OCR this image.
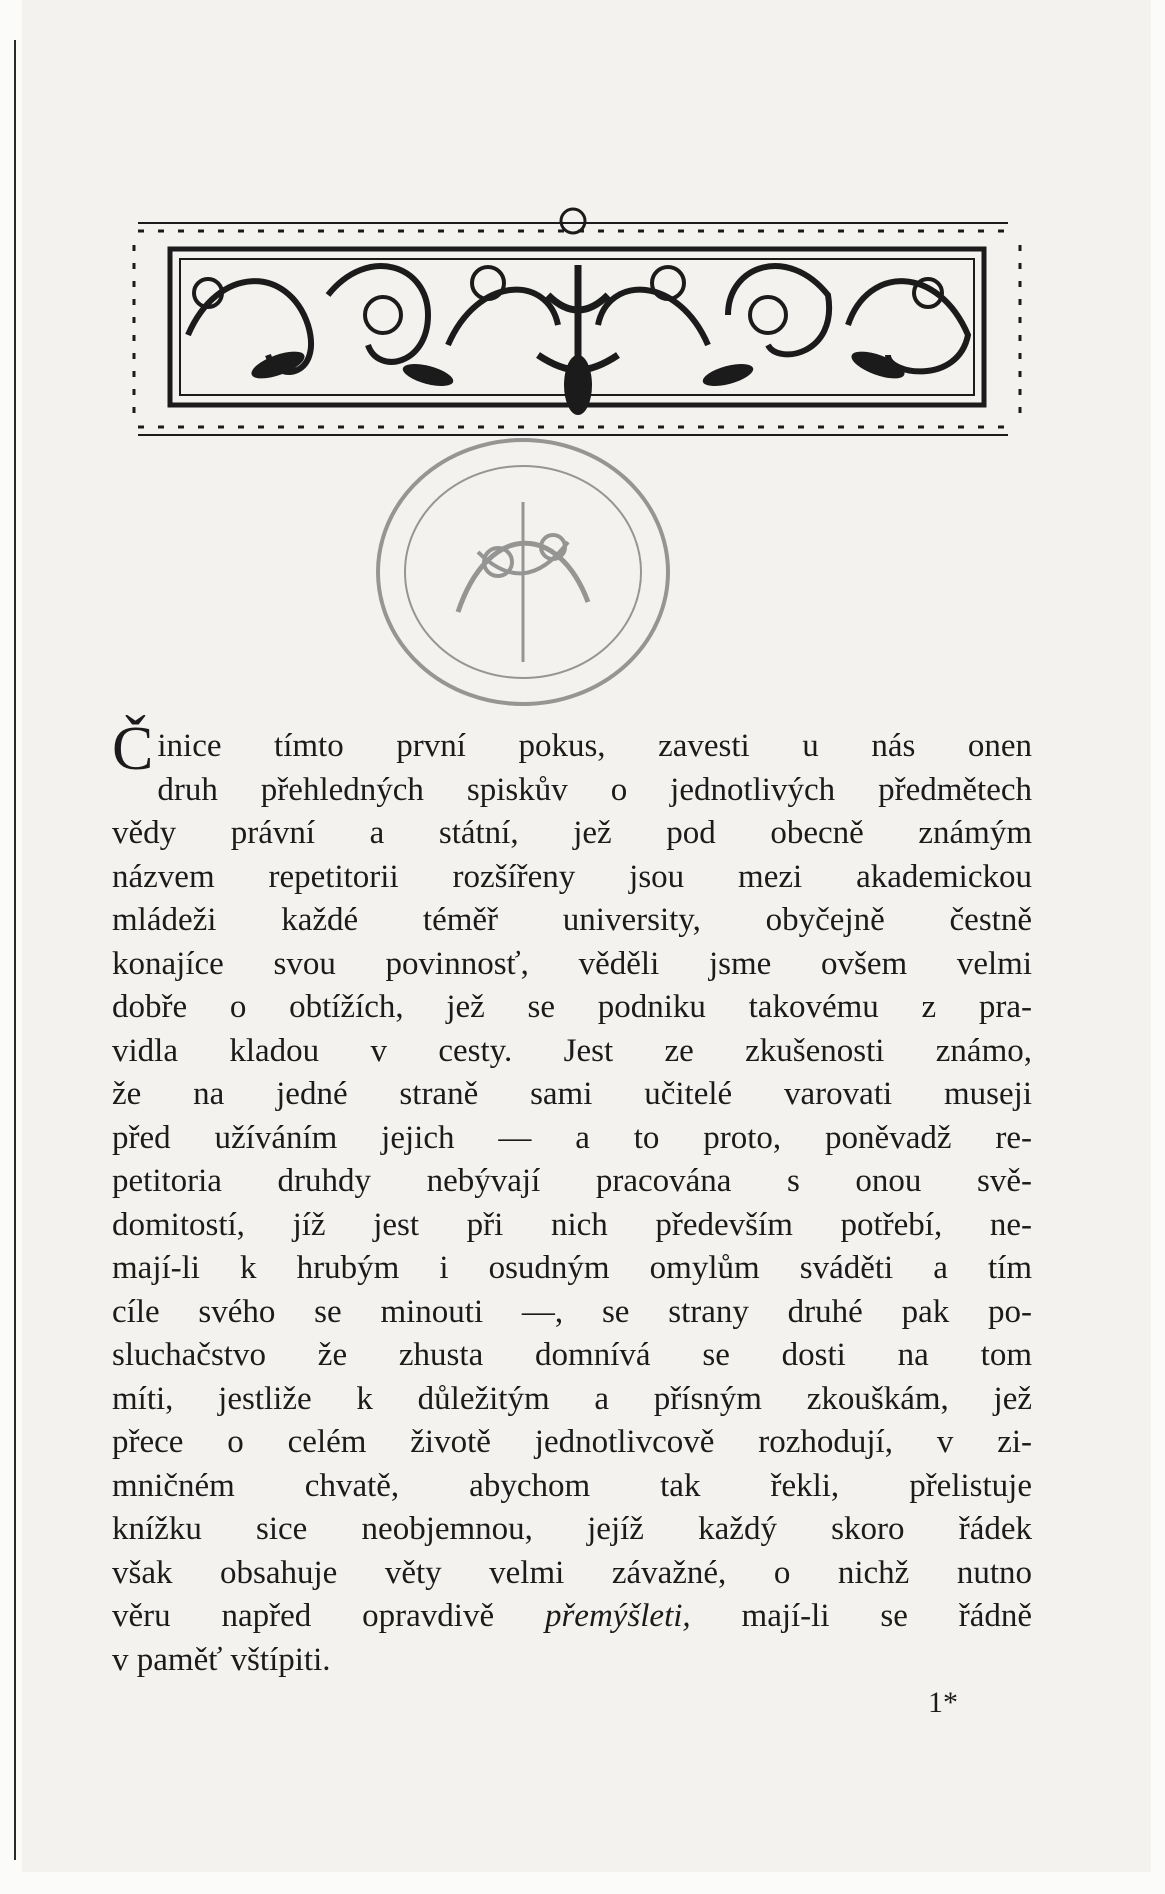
Č inice tímto první pokus, zavesti u nás onen
druh přehledných spiskův o jednotlivých předmětech
vědy právní a státní, jež pod obecně známým
názvem repetitorii rozšířeny jsou mezi akademickou
mládeži každé téměř university, obyčejně čestně
konajíce svou povinnosť, věděli jsme ovšem velmi
dobře o obtížích, jež se podniku takovému z pra-
vidla kladou v cesty. Jest ze zkušenosti známo,
že na jedné straně sami učitelé varovati museji
před užíváním jejich — a to proto, poněvadž re-
petitoria druhdy nebývají pracována s onou svě-
domitostí, jíž jest při nich především potřebí, ne-
mají-li k hrubým i osudným omylům sváděti a tím
cíle svého se minouti —, se strany druhé pak po-
sluchačstvo že zhusta domnívá se dosti na tom
míti, jestliže k důležitým a přísným zkouškám, jež
přece o celém životě jednotlivcově rozhodují, v zi-
mničném chvatě, abychom tak řekli, přelistuje
knížku sice neobjemnou, jejíž každý skoro řádek
však obsahuje věty velmi závažné, o nichž nutno
věru napřed opravdivě přemýšleti, mají-li se řádně
v paměť vštípiti.
1*
